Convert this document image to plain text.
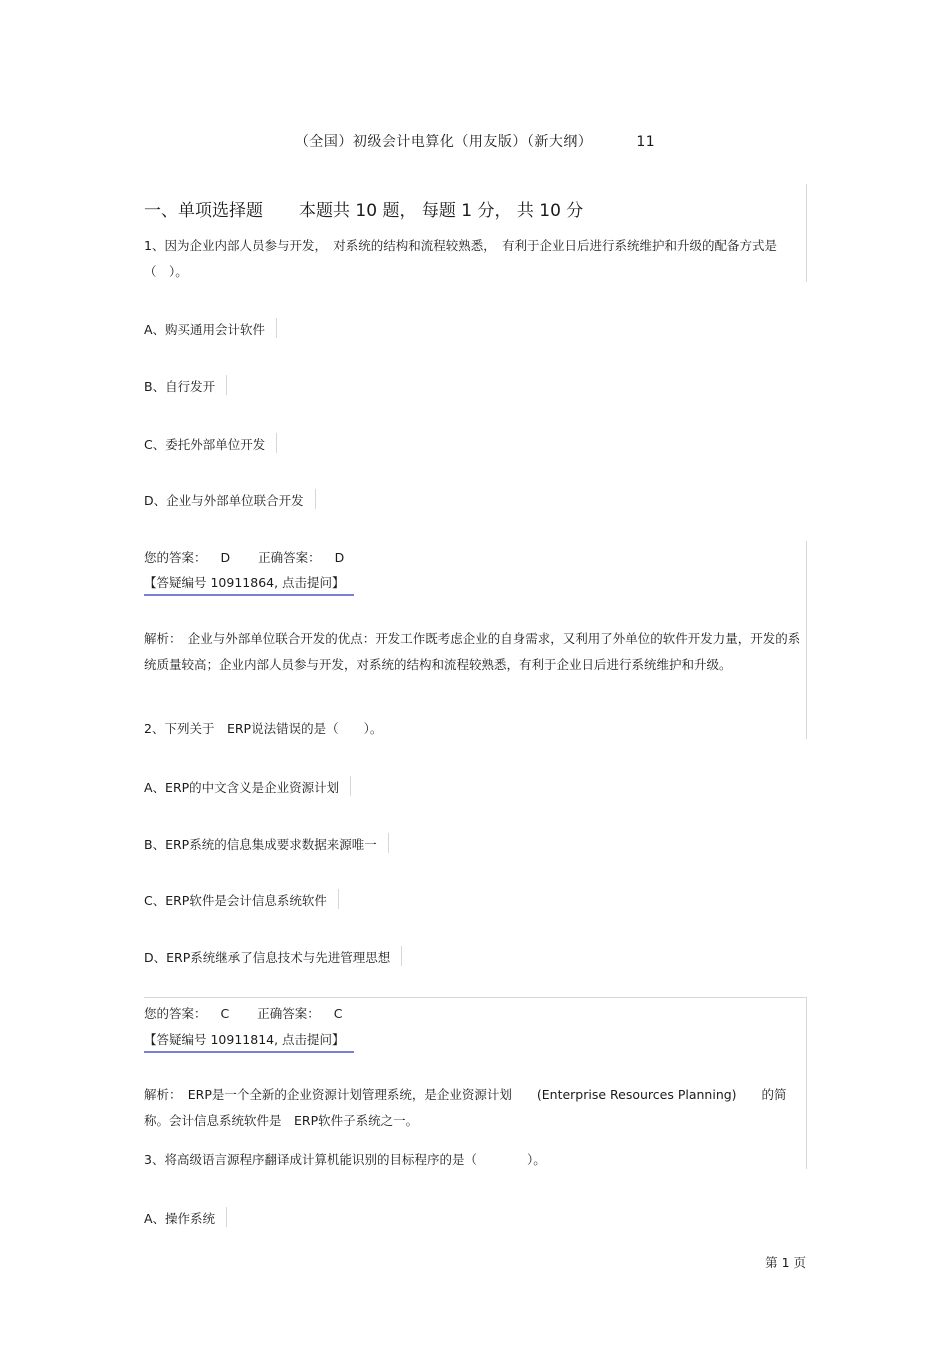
（全国）初级会计电算化（用友版）（新大纲）	11
一、单项选择题 本题共 10 题， 每题 1 分， 共 10 分
1、因为企业内部人员参与开发，　对系统的结构和流程较熟悉，　有利于企业日后进行系统维护和升级的配备方式是（　）。
A、购买通用会计软件
B、自行发开
C、委托外部单位开发
D、企业与外部单位联合开发
您的答案： D 正确答案： D
【答疑编号 10911864, 点击提问】
解析：　企业与外部单位联合开发的优点：开发工作既考虑企业的自身需求，又利用了外单位的软件开发力量，开发的系统质量较高；企业内部人员参与开发，对系统的结构和流程较熟悉，有利于企业日后进行系统维护和升级。
2、下列关于　ERP说法错误的是（　　）。
A、ERP的中文含义是企业资源计划
B、ERP系统的信息集成要求数据来源唯一
C、ERP软件是会计信息系统软件
D、ERP系统继承了信息技术与先进管理思想
您的答案： C 正确答案： C
【答疑编号 10911814, 点击提问】
解析：　ERP是一个全新的企业资源计划管理系统，是企业资源计划　　(Enterprise Resources Planning)　　的简称。会计信息系统软件是　ERP软件子系统之一。
3、将高级语言源程序翻译成计算机能识别的目标程序的是（　　　　）。
A、操作系统
第 1 页
